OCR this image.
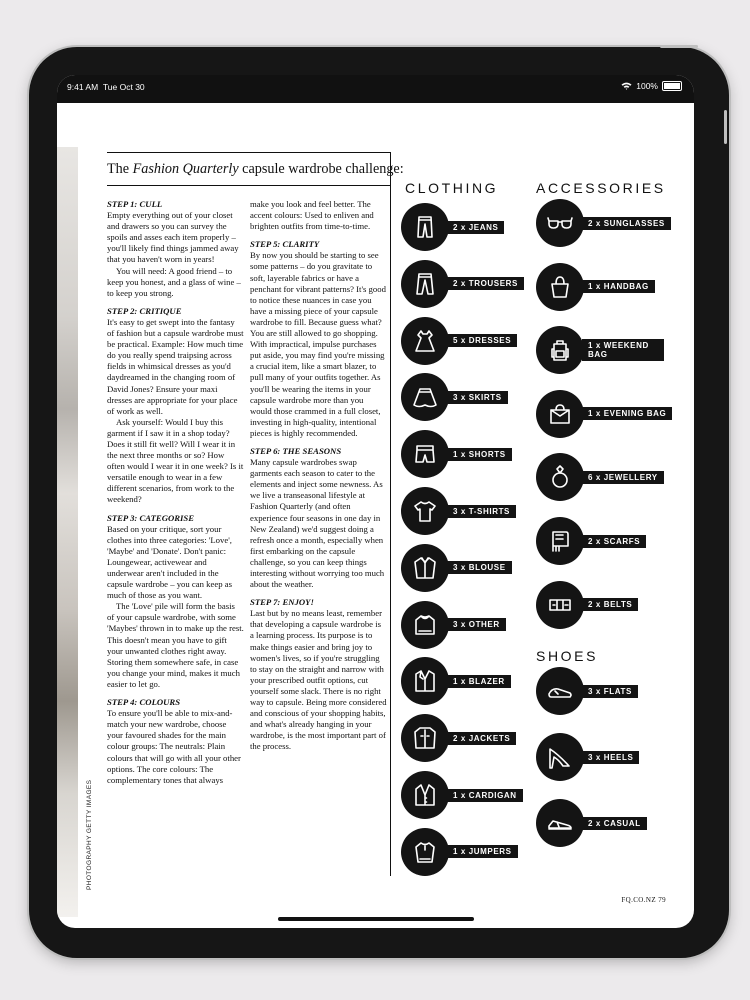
9:41 AM Tue Oct 30	100%
PHOTOGRAPHY GETTY IMAGES
The Fashion Quarterly capsule wardrobe challenge:
STEP 1: CULL

Empty everything out of your closet and drawers so you can survey the spoils and asses each item properly – you'll likely find things jammed away that you haven't worn in years!

You will need: A good friend – to keep you honest, and a glass of wine – to keep you strong.

STEP 2: CRITIQUE

It's easy to get swept into the fantasy of fashion but a capsule wardrobe must be practical. Example: How much time do you really spend traipsing across fields in whimsical dresses as you'd daydreamed in the changing room of David Jones? Ensure your maxi dresses are appropriate for your place of work as well.

Ask yourself: Would I buy this garment if I saw it in a shop today? Does it still fit well? Will I wear it in the next three months or so? How often would I wear it in one week? Is it versatile enough to wear in a few different scenarios, from work to the weekend?

STEP 3: CATEGORISE

Based on your critique, sort your clothes into three categories: 'Love', 'Maybe' and 'Donate'. Don't panic: Loungewear, activewear and underwear aren't included in the capsule wardrobe – you can keep as much of those as you want.

The 'Love' pile will form the basis of your capsule wardrobe, with some 'Maybes' thrown in to make up the rest. This doesn't mean you have to gift your unwanted clothes right away. Storing them somewhere safe, in case you change your mind, makes it much easier to let go.

STEP 4: COLOURS

To ensure you'll be able to mix-and-match your new wardrobe, choose your favoured shades for the main colour groups: The neutrals: Plain colours that will go with all your other options. The core colours: The complementary tones that always

make you look and feel better. The accent colours: Used to enliven and brighten outfits from time-to-time.

STEP 5: CLARITY

By now you should be starting to see some patterns – do you gravitate to soft, layerable fabrics or have a penchant for vibrant patterns? It's good to notice these nuances in case you have a missing piece of your capsule wardrobe to fill. Because guess what? You are still allowed to go shopping. With impractical, impulse purchases put aside, you may find you're missing a crucial item, like a smart blazer, to pull many of your outfits together. As you'll be wearing the items in your capsule wardrobe more than you would those crammed in a full closet, investing in high-quality, intentional pieces is highly recommended.

STEP 6: THE SEASONS

Many capsule wardrobes swap garments each season to cater to the elements and inject some newness. As we live a transeasonal lifestyle at Fashion Quarterly (and often experience four seasons in one day in New Zealand) we'd suggest doing a refresh once a month, especially when first embarking on the capsule challenge, so you can keep things interesting without worrying too much about the weather.

STEP 7: ENJOY!

Last but by no means least, remember that developing a capsule wardrobe is a learning process. Its purpose is to make things easier and bring joy to women's lives, so if you're struggling to stay on the straight and narrow with your prescribed outfit options, cut yourself some slack. There is no right way to capsule. Being more considered and conscious of your shopping habits, and what's already hanging in your wardrobe, is the most important part of the process.

CLOTHING	ACCESSORIES
SHOES
2 x JEANS
2 x TROUSERS
5 x DRESSES
3 x SKIRTS
1 x SHORTS
3 x T-SHIRTS
3 x BLOUSE
3 x OTHER
1 x BLAZER
2 x JACKETS
1 x CARDIGAN
1 x JUMPERS
2 x SUNGLASSES
1 x HANDBAG
1 x WEEKEND BAG
1 x EVENING BAG
6 x JEWELLERY
2 x SCARFS
2 x BELTS
3 x FLATS
3 x HEELS
2 x CASUAL
FQ.CO.NZ 79
